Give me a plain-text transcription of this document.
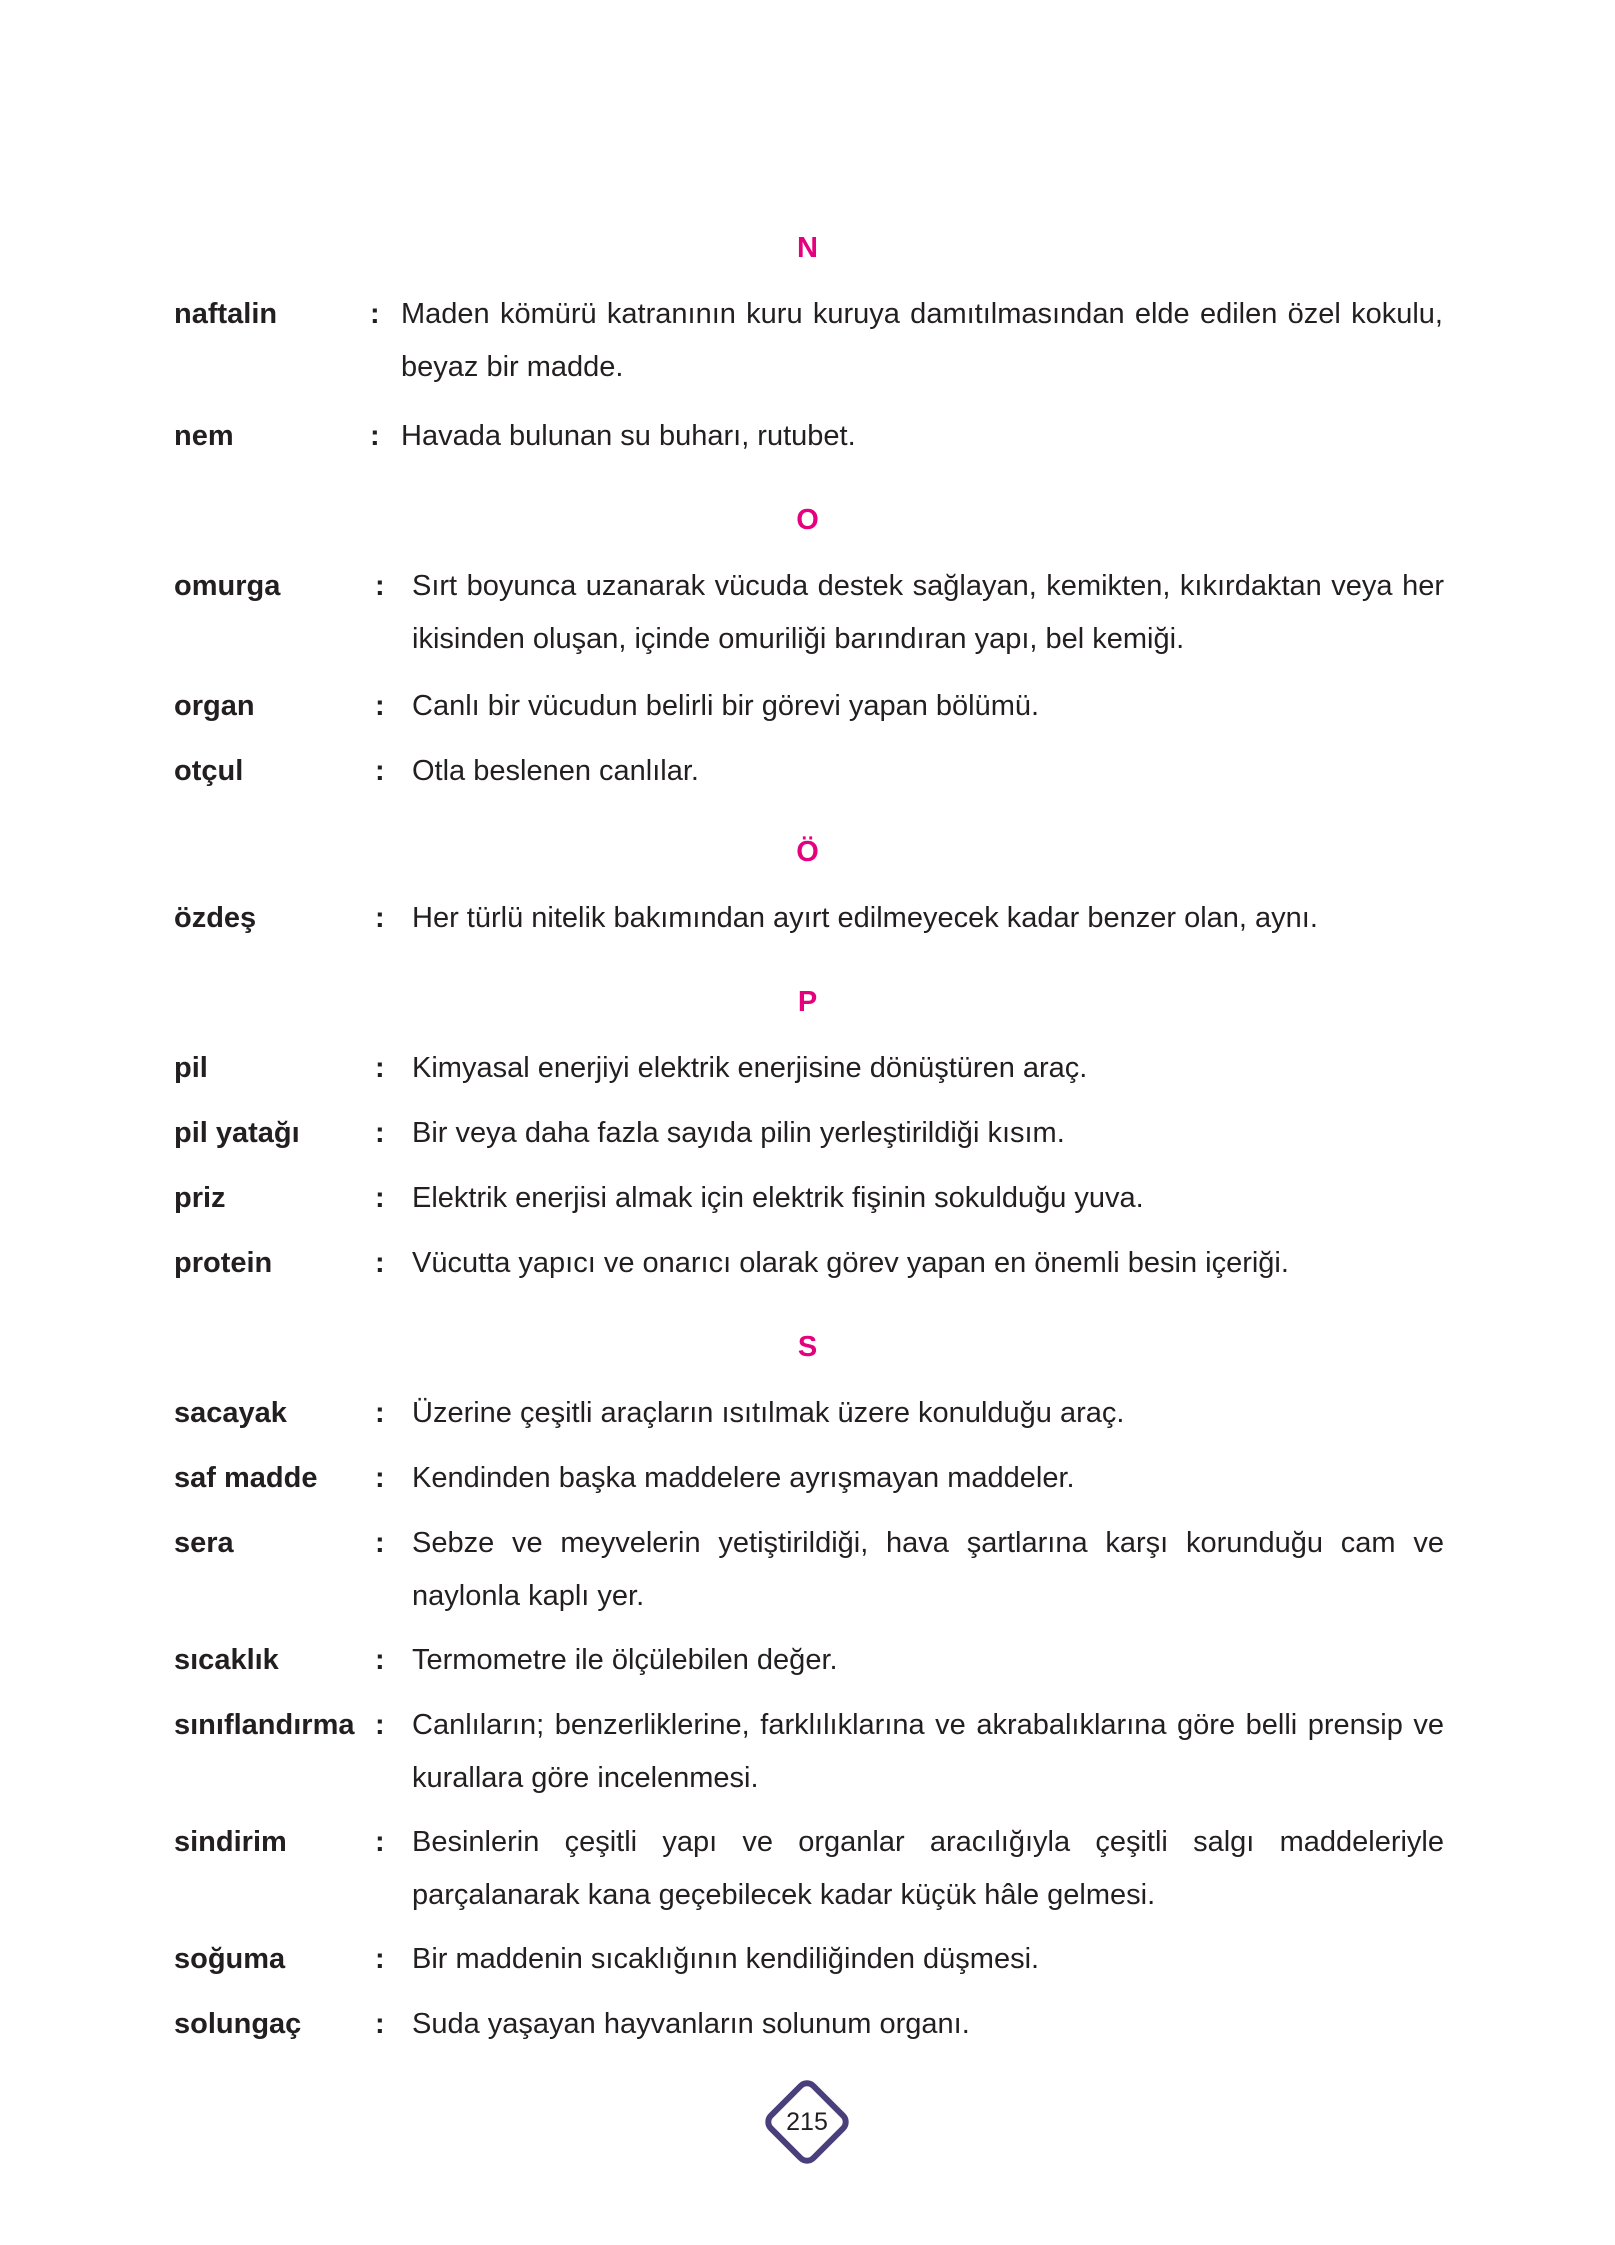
N
O
Ö
P
S
naftalin	: Maden kömürü katranının kuru kuruya damıtılmasından elde edilen özel kokulu, beyaz bir madde.
nem	: Havada bulunan su buharı, rutubet.
omurga	: Sırt boyunca uzanarak vücuda destek sağlayan, kemikten, kıkırdaktan veya her ikisinden oluşan, içinde omuriliği barındıran yapı, bel kemiği.
organ	: Canlı bir vücudun belirli bir görevi yapan bölümü.
otçul	: Otla beslenen canlılar.
özdeş	: Her türlü nitelik bakımından ayırt edilmeyecek kadar benzer olan, aynı.
pil	: Kimyasal enerjiyi elektrik enerjisine dönüştüren araç.
pil yatağı	: Bir veya daha fazla sayıda pilin yerleştirildiği kısım.
priz	: Elektrik enerjisi almak için elektrik fişinin sokulduğu yuva.
protein	: Vücutta yapıcı ve onarıcı olarak görev yapan en önemli besin içeriği.
sacayak	: Üzerine çeşitli araçların ısıtılmak üzere konulduğu araç.
saf madde : Kendinden başka maddelere ayrışmayan maddeler.
sera	: Sebze ve meyvelerin yetiştirildiği, hava şartlarına karşı korunduğu cam ve naylonla kaplı yer.
sıcaklık	: Termometre ile ölçülebilen değer.
sınıflandırma : Canlıların; benzerliklerine, farklılıklarına ve akrabalıklarına göre belli prensip ve kurallara göre incelenmesi.
sindirim	: Besinlerin çeşitli yapı ve organlar aracılığıyla çeşitli salgı maddeleriyle parçalanarak kana geçebilecek kadar küçük hâle gelmesi.
soğuma	: Bir maddenin sıcaklığının kendiliğinden düşmesi.
solungaç	: Suda yaşayan hayvanların solunum organı.
215
